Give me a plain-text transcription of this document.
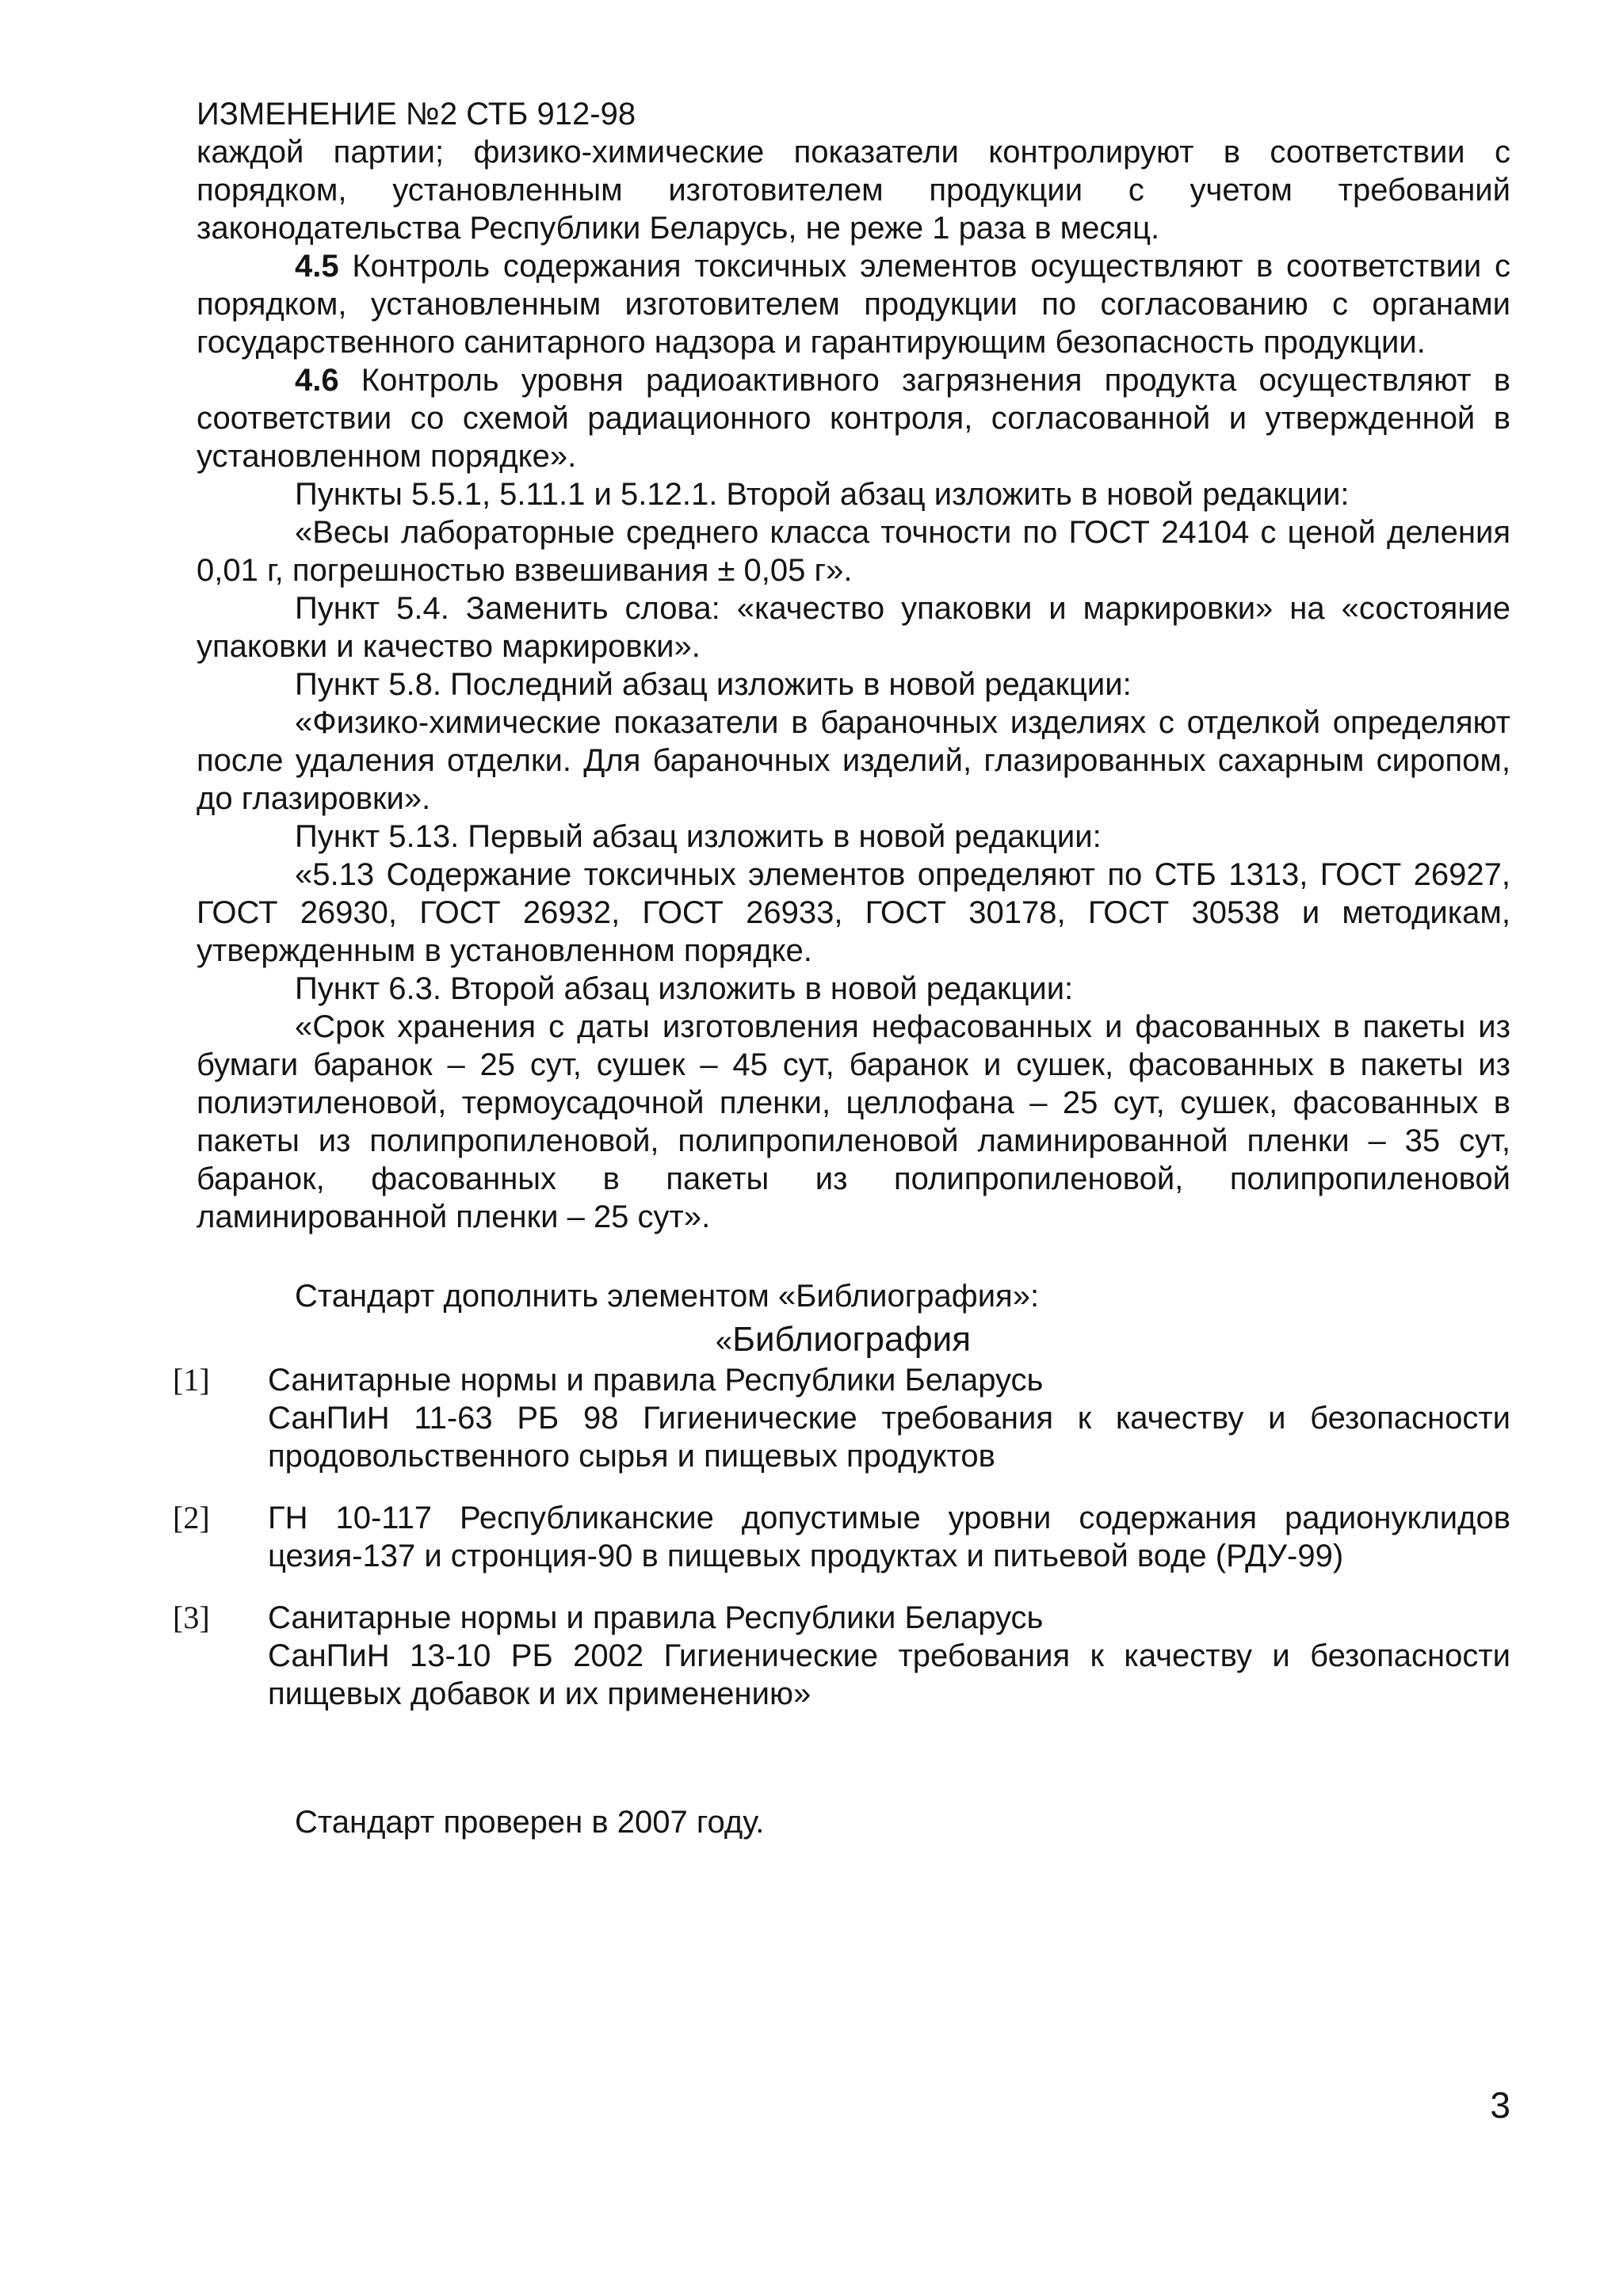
ИЗМЕНЕНИЕ №2 СТБ 912-98
каждой партии; физико-химические показатели контролируют в соответствии с порядком, установленным изготовителем продукции с учетом требований законодательства Республики Беларусь, не реже 1 раза в месяц.
4.5 Контроль содержания токсичных элементов осуществляют в соответствии с порядком, установленным изготовителем продукции по согласованию с органами государственного санитарного надзора и гарантирующим безопасность продукции.
4.6 Контроль уровня радиоактивного загрязнения продукта осуществляют в соответствии со схемой радиационного контроля, согласованной и утвержденной в установленном порядке».
Пункты 5.5.1, 5.11.1 и 5.12.1. Второй абзац изложить в новой редакции:
«Весы лабораторные среднего класса точности по ГОСТ 24104 с ценой деления 0,01 г, погрешностью взвешивания ± 0,05 г».
Пункт 5.4. Заменить слова: «качество упаковки и маркировки» на «состояние упаковки и качество маркировки».
Пункт 5.8. Последний абзац изложить в новой редакции:
«Физико-химические показатели в бараночных изделиях с отделкой определяют после удаления отделки. Для бараночных изделий, глазированных сахарным сиропом, до глазировки».
Пункт 5.13. Первый абзац изложить в новой редакции:
«5.13 Содержание токсичных элементов определяют по СТБ 1313, ГОСТ 26927, ГОСТ 26930, ГОСТ 26932, ГОСТ 26933, ГОСТ 30178, ГОСТ 30538 и методикам, утвержденным в установленном порядке.
Пункт 6.3. Второй абзац изложить в новой редакции:
«Срок хранения с даты изготовления нефасованных и фасованных в пакеты из бумаги баранок – 25 сут, сушек – 45 сут, баранок и сушек, фасованных в пакеты из полиэтиленовой, термоусадочной пленки, целлофана – 25 сут, сушек, фасованных в пакеты из полипропиленовой, полипропиленовой ламинированной пленки – 35 сут, баранок, фасованных в пакеты из полипропиленовой, полипропиленовой ламинированной пленки – 25 сут».
Стандарт дополнить элементом «Библиография»:
«Библиография
[1]	Санитарные нормы и правила Республики Беларусь
СанПиН 11-63 РБ 98 Гигиенические требования к качеству и безопасности продовольственного сырья и пищевых продуктов
[2]	ГН 10-117 Республиканские допустимые уровни содержания радионуклидов цезия-137 и стронция-90 в пищевых продуктах и питьевой воде (РДУ-99)
[3]	Санитарные нормы и правила Республики Беларусь
СанПиН 13-10 РБ 2002 Гигиенические требования к качеству и безопасности пищевых добавок и их применению»
Стандарт проверен в 2007 году.
3
